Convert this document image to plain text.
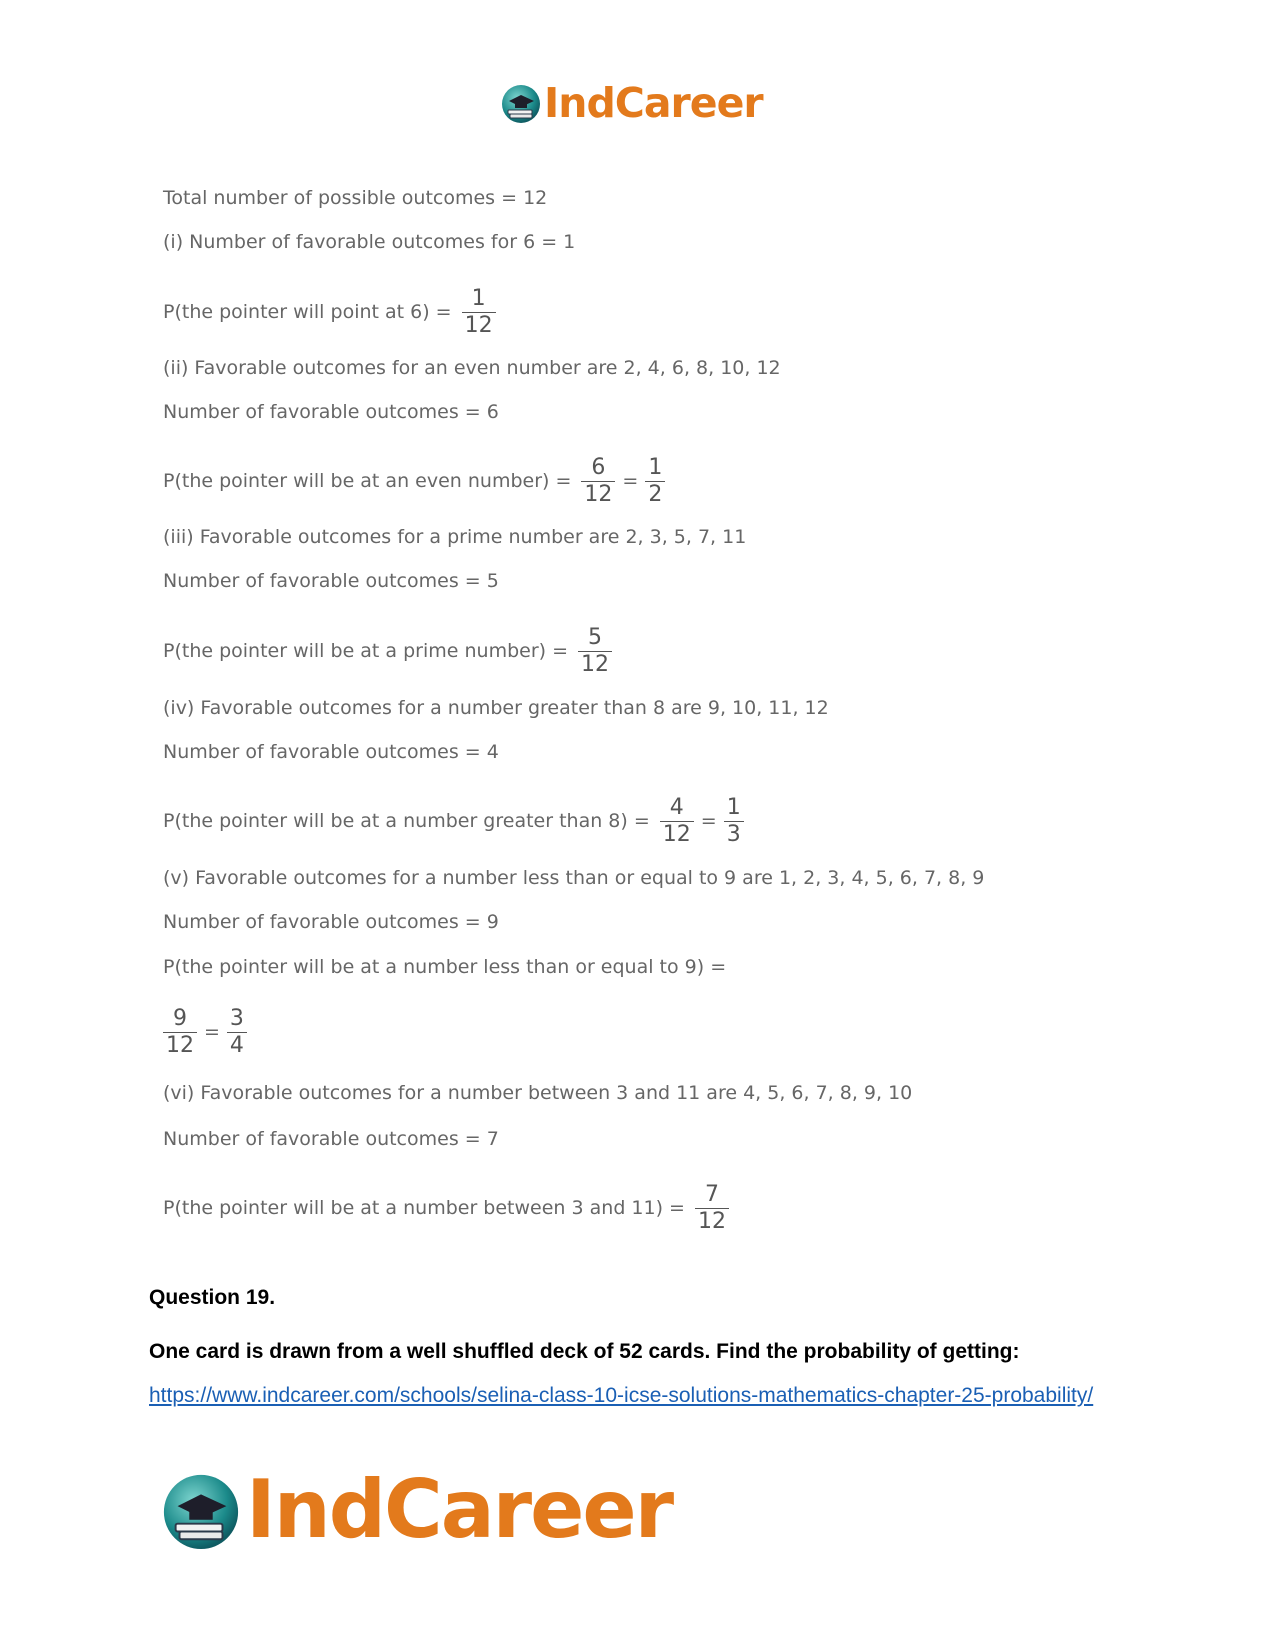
IndCareer
Total number of possible outcomes = 12
(i) Number of favorable outcomes for 6 = 1
P(the pointer will point at $6) = \frac{1}{12}$
(ii) Favorable outcomes for an even number are 2, 4, 6, 8, 10, 12
Number of favorable outcomes = 6
P(the pointer will be at an even number) = $\frac{6}{12} = \frac{1}{2}$
(iii) Favorable outcomes for a prime number are 2, 3, 5, 7, 11
Number of favorable outcomes = 5
P(the pointer will be at a prime number) = $\frac{5}{12}$
(iv) Favorable outcomes for a number greater than 8 are 9, 10, 11, 12
Number of favorable outcomes = 4
P(the pointer will be at a number greater than $8) = \frac{4}{12} = \frac{1}{3}$
(v) Favorable outcomes for a number less than or equal to 9 are 1, 2, 3, 4, 5, 6, 7, 8, 9
Number of favorable outcomes = 9
P(the pointer will be at a number less than or equal to 9) =
$\frac{9}{12} = \frac{3}{4}$
(vi) Favorable outcomes for a number between 3 and 11 are 4, 5, 6, 7, 8, 9, 10
Number of favorable outcomes = 7
P(the pointer will be at a number between 3 and $11) = \frac{7}{12}$
Question 19.
One card is drawn from a well shuffled deck of 52 cards. Find the probability of getting:
https://www.indcareer.com/schools/selina-class-10-icse-solutions-mathematics-chapter-25-probability/
IndCareer
